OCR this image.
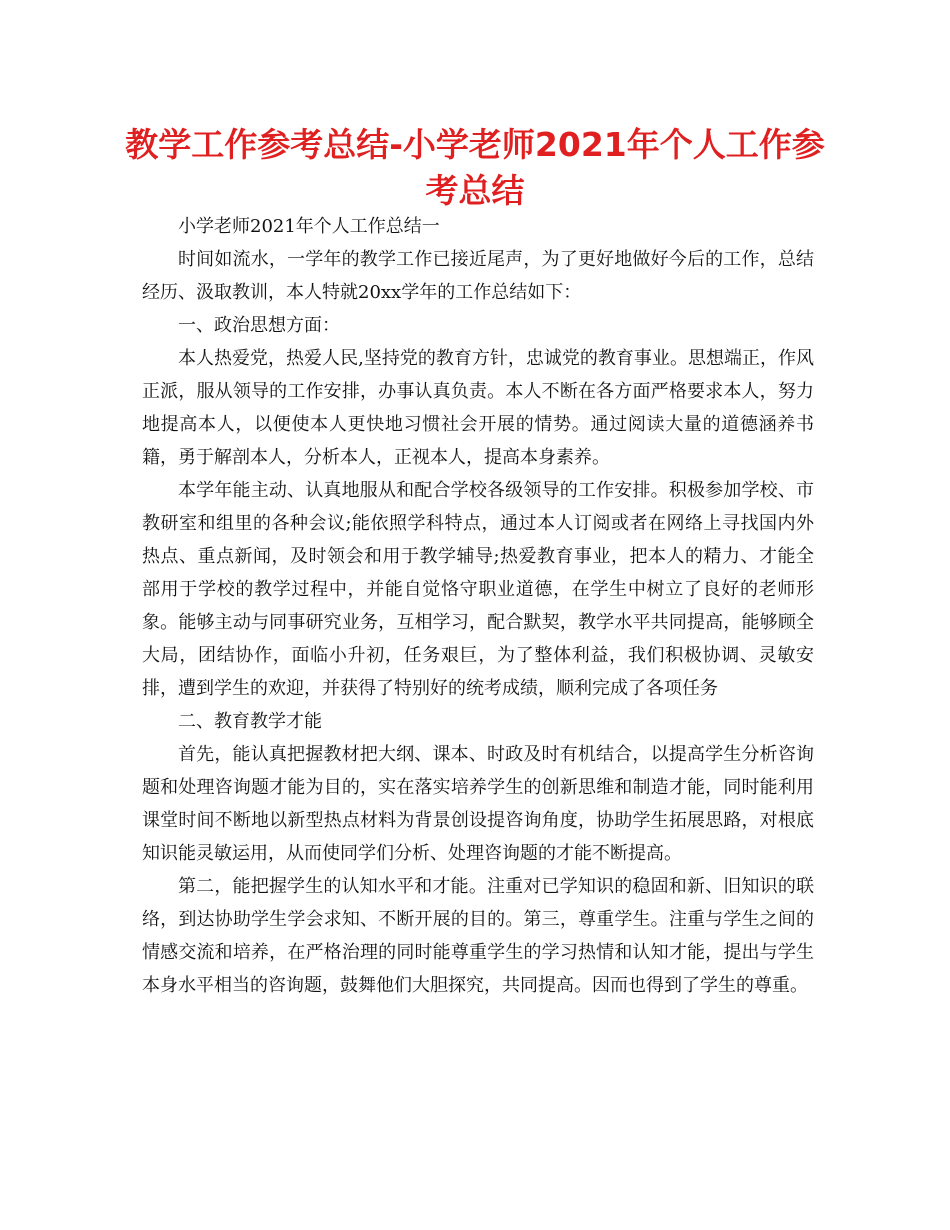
教学工作参考总结-小学老师2021年个人工作参考总结

小学老师2021年个人工作总结一

时间如流水，一学年的教学工作已接近尾声，为了更好地做好今后的工作，总结经历、汲取教训，本人特就20xx学年的工作总结如下：

一、政治思想方面：

本人热爱党，热爱人民,坚持党的教育方针，忠诚党的教育事业。思想端正，作风正派，服从领导的工作安排，办事认真负责。本人不断在各方面严格要求本人，努力地提高本人，以便使本人更快地习惯社会开展的情势。通过阅读大量的道德涵养书籍，勇于解剖本人，分析本人，正视本人，提高本身素养。

本学年能主动、认真地服从和配合学校各级领导的工作安排。积极参加学校、市教研室和组里的各种会议;能依照学科特点，通过本人订阅或者在网络上寻找国内外热点、重点新闻，及时领会和用于教学辅导;热爱教育事业，把本人的精力、才能全部用于学校的教学过程中，并能自觉恪守职业道德，在学生中树立了良好的老师形象。能够主动与同事研究业务，互相学习，配合默契，教学水平共同提高，能够顾全大局，团结协作，面临小升初，任务艰巨，为了整体利益，我们积极协调、灵敏安排，遭到学生的欢迎，并获得了特别好的统考成绩，顺利完成了各项任务

二、教育教学才能

首先，能认真把握教材把大纲、课本、时政及时有机结合，以提高学生分析咨询题和处理咨询题才能为目的，实在落实培养学生的创新思维和制造才能，同时能利用课堂时间不断地以新型热点材料为背景创设提咨询角度，协助学生拓展思路，对根底知识能灵敏运用，从而使同学们分析、处理咨询题的才能不断提高。

第二，能把握学生的认知水平和才能。注重对已学知识的稳固和新、旧知识的联络，到达协助学生学会求知、不断开展的目的。第三，尊重学生。注重与学生之间的情感交流和培养，在严格治理的同时能尊重学生的学习热情和认知才能，提出与学生本身水平相当的咨询题，鼓舞他们大胆探究，共同提高。因而也得到了学生的尊重。
